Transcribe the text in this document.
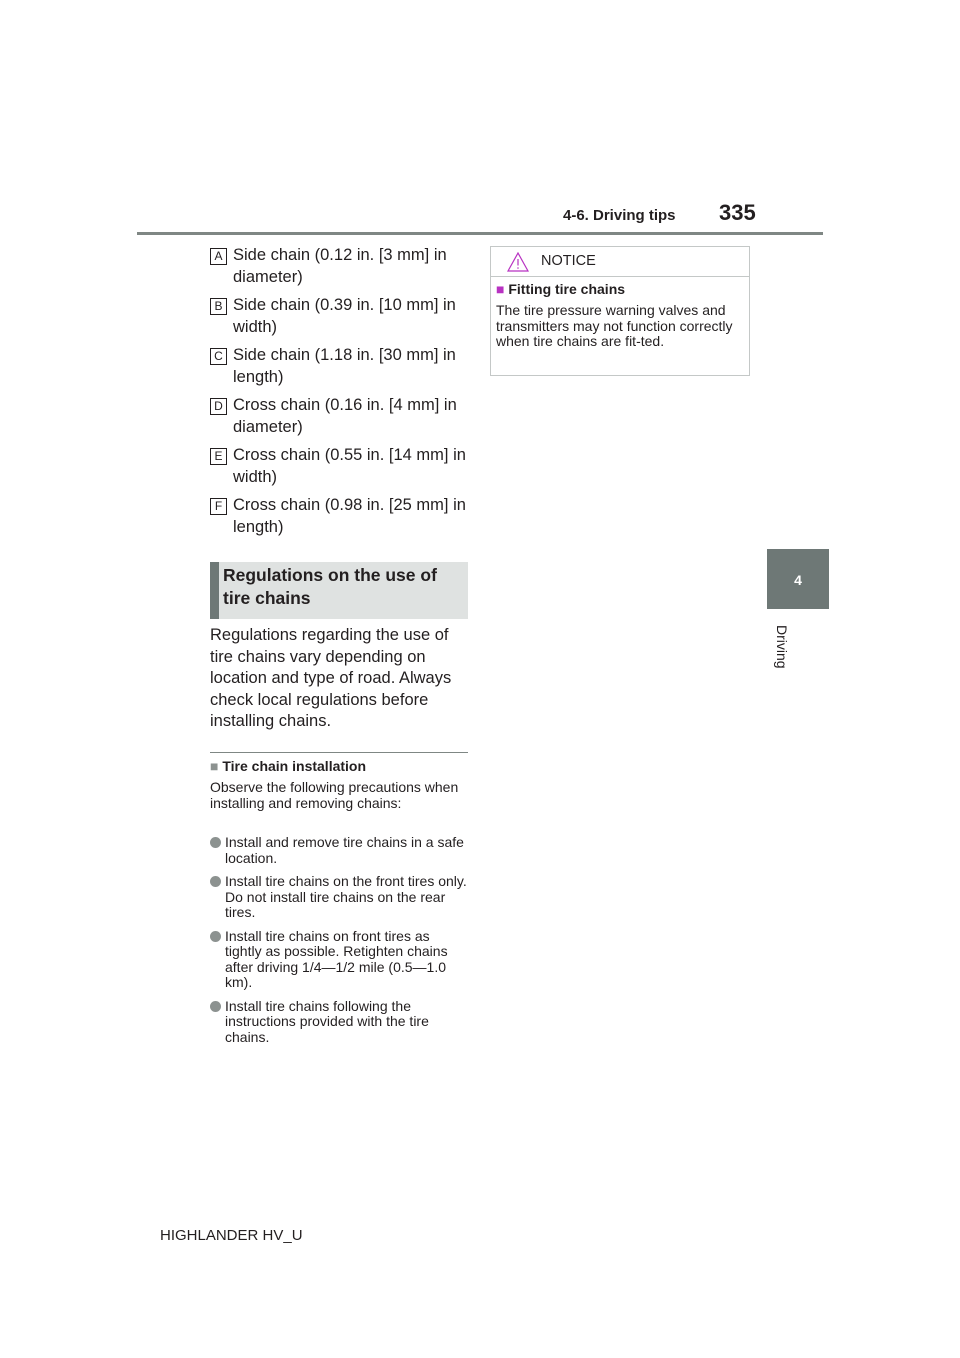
4-6. Driving tips 335
4
Driving
A Side chain (0.12 in. [3 mm] in diameter)
B Side chain (0.39 in. [10 mm] in width)
C Side chain (1.18 in. [30 mm] in length)
D Cross chain (0.16 in. [4 mm] in diameter)
E Cross chain (0.55 in. [14 mm] in width)
F Cross chain (0.98 in. [25 mm] in length)
Regulations on the use of tire chains
Regulations regarding the use of tire chains vary depending on location and type of road. Always check local regulations before installing chains.
■ Tire chain installation
Observe the following precautions when installing and removing chains:
Install and remove tire chains in a safe location.
Install tire chains on the front tires only. Do not install tire chains on the rear tires.
Install tire chains on front tires as tightly as possible. Retighten chains after driving 1/4—1/2 mile (0.5—1.0 km).
Install tire chains following the instructions provided with the tire chains.
NOTICE
■ Fitting tire chains
The tire pressure warning valves and transmitters may not function correctly when tire chains are fit-ted.
HIGHLANDER HV_U
